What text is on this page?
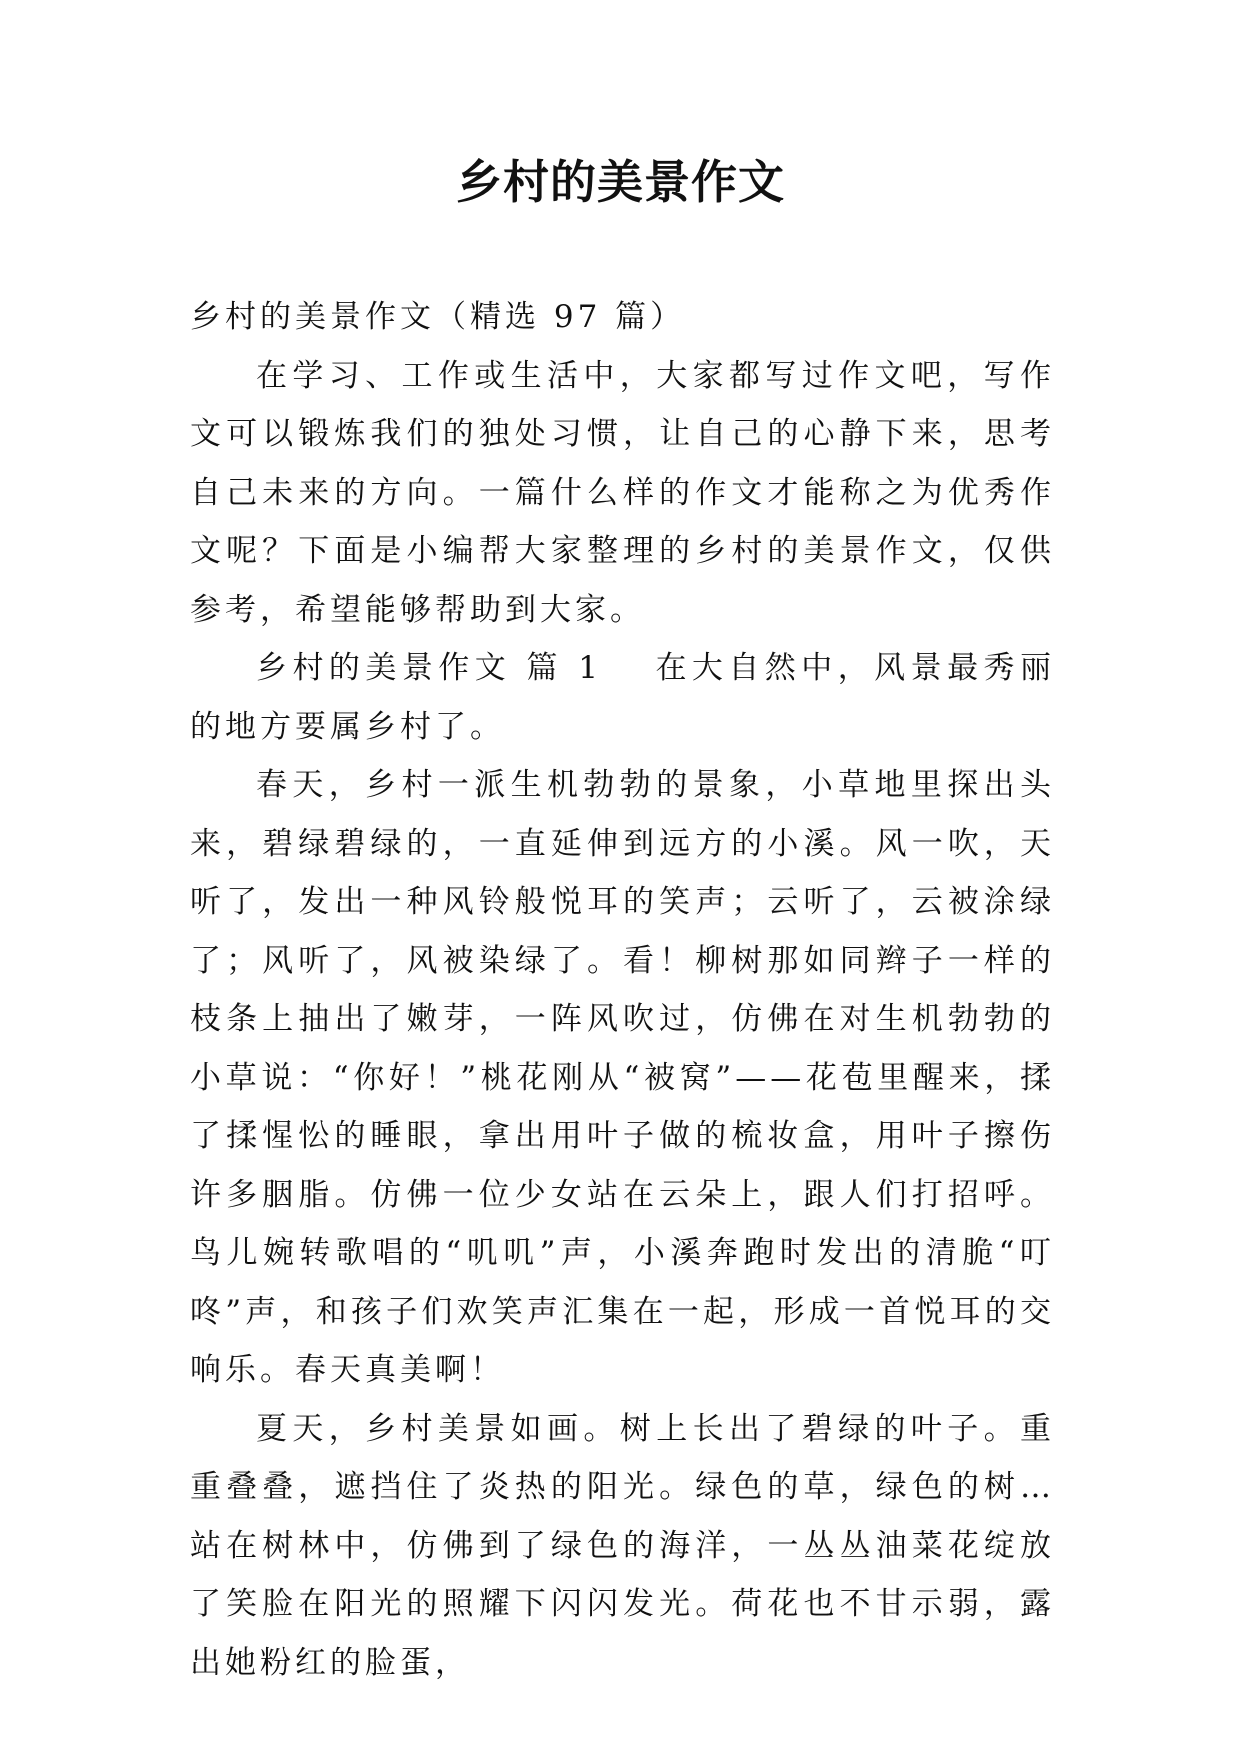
乡村的美景作文

乡村的美景作文（精选 97 篇）

在学习、工作或生活中，大家都写过作文吧，写作文可以锻炼我们的独处习惯，让自己的心静下来，思考自己未来的方向。一篇什么样的作文才能称之为优秀作文呢？下面是小编帮大家整理的乡村的美景作文，仅供参考，希望能够帮助到大家。

乡村的美景作文 篇 1 在大自然中，风景最秀丽的地方要属乡村了。

春天，乡村一派生机勃勃的景象，小草地里探出头来，碧绿碧绿的，一直延伸到远方的小溪。风一吹，天听了，发出一种风铃般悦耳的笑声；云听了，云被涂绿了；风听了，风被染绿了。看！柳树那如同辫子一样的枝条上抽出了嫩芽，一阵风吹过，仿佛在对生机勃勃的小草说：“你好！”桃花刚从“被窝”——花苞里醒来，揉了揉惺忪的睡眼，拿出用叶子做的梳妆盒，用叶子擦伤许多胭脂。仿佛一位少女站在云朵上，跟人们打招呼。鸟儿婉转歌唱的“叽叽”声，小溪奔跑时发出的清脆“叮咚”声，和孩子们欢笑声汇集在一起，形成一首悦耳的交响乐。春天真美啊！

夏天，乡村美景如画。树上长出了碧绿的叶子。重重叠叠，遮挡住了炎热的阳光。绿色的草，绿色的树…站在树林中，仿佛到了绿色的海洋，一丛丛油菜花绽放了笑脸在阳光的照耀下闪闪发光。荷花也不甘示弱，露出她粉红的脸蛋，
